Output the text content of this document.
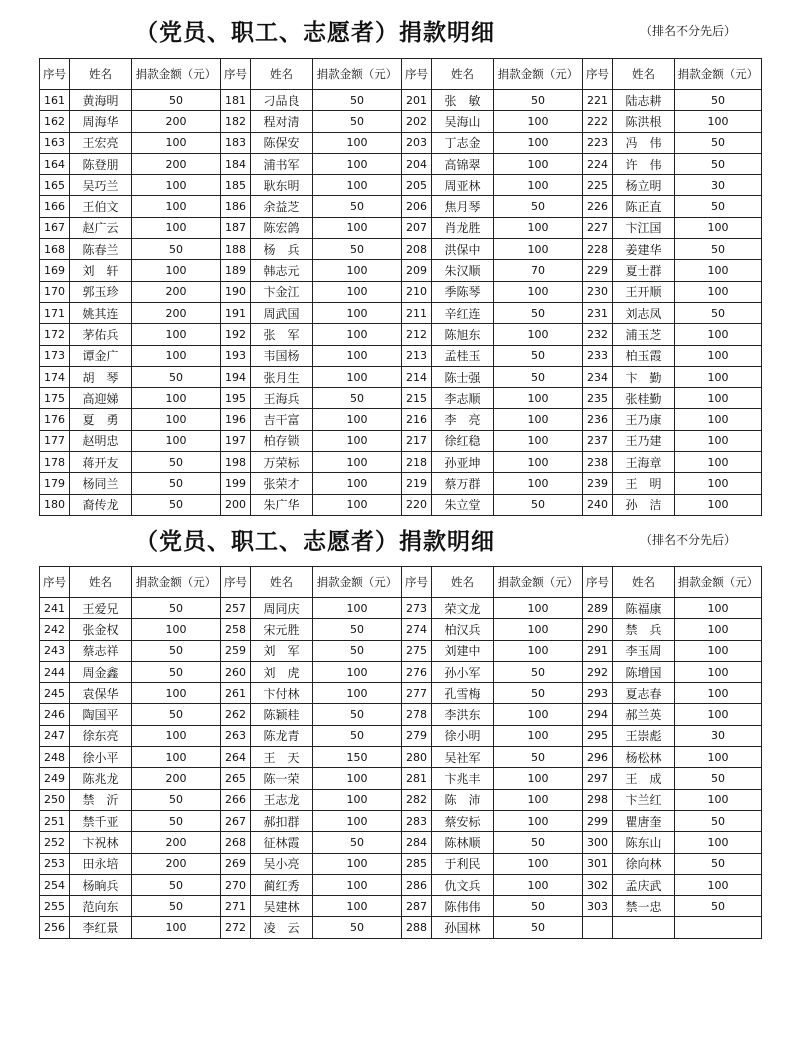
（党员、职工、志愿者）捐款明细	（排名不分先后）
序号	姓名	捐款金额（元）	序号	姓名	捐款金额（元）	序号	姓名	捐款金额（元）	序号	姓名	捐款金额（元）
161	黄海明	50	181	刁品良	50	201	张　敏	50	221	陆志耕	50
162	周海华	200	182	程对清	50	202	吴海山	100	222	陈洪根	100
163	王宏亮	100	183	陈保安	100	203	丁志金	100	223	冯　伟	50
164	陈登朋	200	184	浦书军	100	204	高锦翠	100	224	许　伟	50
165	吴巧兰	100	185	耿东明	100	205	周亚林	100	225	杨立明	30
166	王伯文	100	186	余益芝	50	206	焦月琴	50	226	陈正直	50
167	赵广云	100	187	陈宏鸽	100	207	肖龙胜	100	227	卞江国	100
168	陈春兰	50	188	杨　兵	50	208	洪保中	100	228	姜建华	50
169	刘　轩	100	189	韩志元	100	209	朱汉顺	70	229	夏士群	100
170	郭玉珍	200	190	卞金江	100	210	季陈琴	100	230	王开顺	100
171	姚其连	200	191	周武国	100	211	辛红连	50	231	刘志凤	50
172	茅佑兵	100	192	张　军	100	212	陈旭东	100	232	浦玉芝	100
173	谭金广	100	193	韦国杨	100	213	孟桂玉	50	233	柏玉霞	100
174	胡　琴	50	194	张月生	100	214	陈士强	50	234	卞　勤	100
175	高迎娣	100	195	王海兵	50	215	李志顺	100	235	张桂勤	100
176	夏　勇	100	196	吉干富	100	216	李　亮	100	236	王乃康	100
177	赵明忠	100	197	柏存锁	100	217	徐红稳	100	237	王乃建	100
178	蒋开友	50	198	万荣标	100	218	孙亚坤	100	238	王海章	100
179	杨同兰	50	199	张荣才	100	219	蔡万群	100	239	王　明	100
180	裔传龙	50	200	朱广华	100	220	朱立堂	50	240	孙　洁	100
（党员、职工、志愿者）捐款明细	（排名不分先后）
序号	姓名	捐款金额（元）	序号	姓名	捐款金额（元）	序号	姓名	捐款金额（元）	序号	姓名	捐款金额（元）
241	王爱兄	50	257	周同庆	100	273	荣文龙	100	289	陈福康	100
242	张金权	100	258	宋元胜	50	274	柏汉兵	100	290	禁　兵	100
243	蔡志祥	50	259	刘　军	50	275	刘建中	100	291	李玉周	100
244	周金鑫	50	260	刘　虎	100	276	孙小军	50	292	陈增国	100
245	袁保华	100	261	卞付林	100	277	孔雪梅	50	293	夏志春	100
246	陶国平	50	262	陈颖桂	50	278	李洪东	100	294	郝兰英	100
247	徐东亮	100	263	陈龙青	50	279	徐小明	100	295	王崇彪	30
248	徐小平	100	264	王　天	150	280	吴社军	50	296	杨松林	100
249	陈兆龙	200	265	陈一荣	100	281	卞兆丰	100	297	王　成	50
250	禁　沂	50	266	王志龙	100	282	陈　沛	100	298	卞兰红	100
251	禁千亚	50	267	郝扣群	100	283	蔡安标	100	299	瞿唐奎	50
252	卞祝林	200	268	征林霞	50	284	陈林顺	50	300	陈东山	100
253	田永培	200	269	吴小亮	100	285	于利民	100	301	徐向林	50
254	杨晌兵	50	270	蔺红秀	100	286	仇文兵	100	302	孟庆武	100
255	范向东	50	271	吴建林	100	287	陈伟伟	50	303	禁一忠	50
256	李红景	100	272	凌　云	50	288	孙国林	50			
